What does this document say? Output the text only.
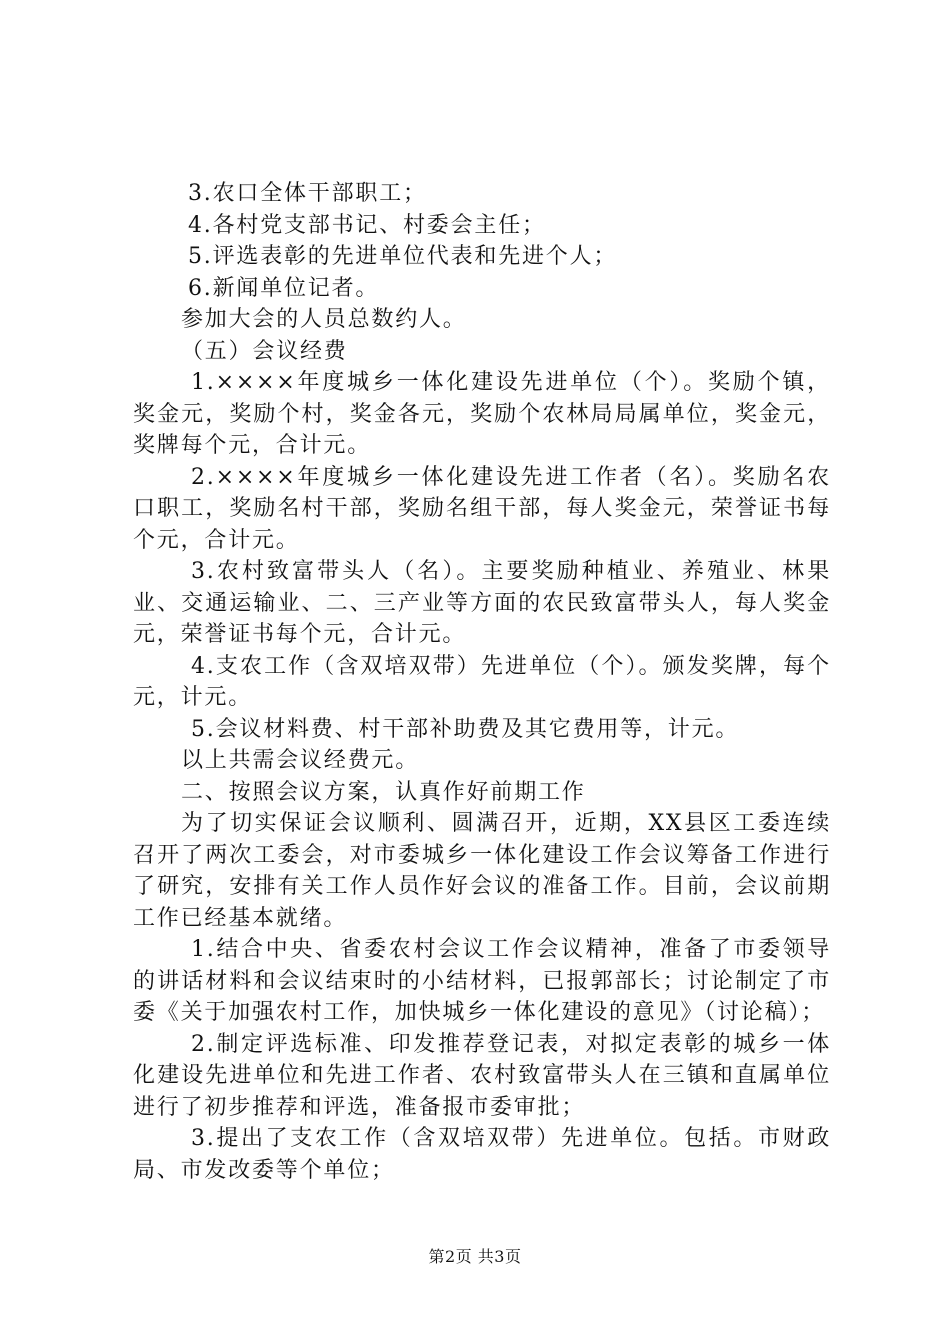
3.农口全体干部职工；

4.各村党支部书记、村委会主任；

5.评选表彰的先进单位代表和先进个人；

6.新闻单位记者。

参加大会的人员总数约人。

（五）会议经费

1.××××年度城乡一体化建设先进单位（个）。奖励个镇，奖金元，奖励个村，奖金各元，奖励个农林局局属单位，奖金元，奖牌每个元，合计元。

2.××××年度城乡一体化建设先进工作者（名）。奖励名农口职工，奖励名村干部，奖励名组干部，每人奖金元，荣誉证书每个元，合计元。

3.农村致富带头人（名）。主要奖励种植业、养殖业、林果业、交通运输业、二、三产业等方面的农民致富带头人，每人奖金元，荣誉证书每个元，合计元。

4.支农工作（含双培双带）先进单位（个）。颁发奖牌，每个元，计元。

5.会议材料费、村干部补助费及其它费用等，计元。

以上共需会议经费元。

二、按照会议方案，认真作好前期工作

为了切实保证会议顺利、圆满召开，近期，XX县区工委连续召开了两次工委会，对市委城乡一体化建设工作会议筹备工作进行了研究，安排有关工作人员作好会议的准备工作。目前，会议前期工作已经基本就绪。

1.结合中央、省委农村会议工作会议精神，准备了市委领导的讲话材料和会议结束时的小结材料，已报郭部长；讨论制定了市委《关于加强农村工作，加快城乡一体化建设的意见》（讨论稿）；

2.制定评选标准、印发推荐登记表，对拟定表彰的城乡一体化建设先进单位和先进工作者、农村致富带头人在三镇和直属单位进行了初步推荐和评选，准备报市委审批；

3.提出了支农工作（含双培双带）先进单位。包括。市财政局、市发改委等个单位；

第2页 共3页
